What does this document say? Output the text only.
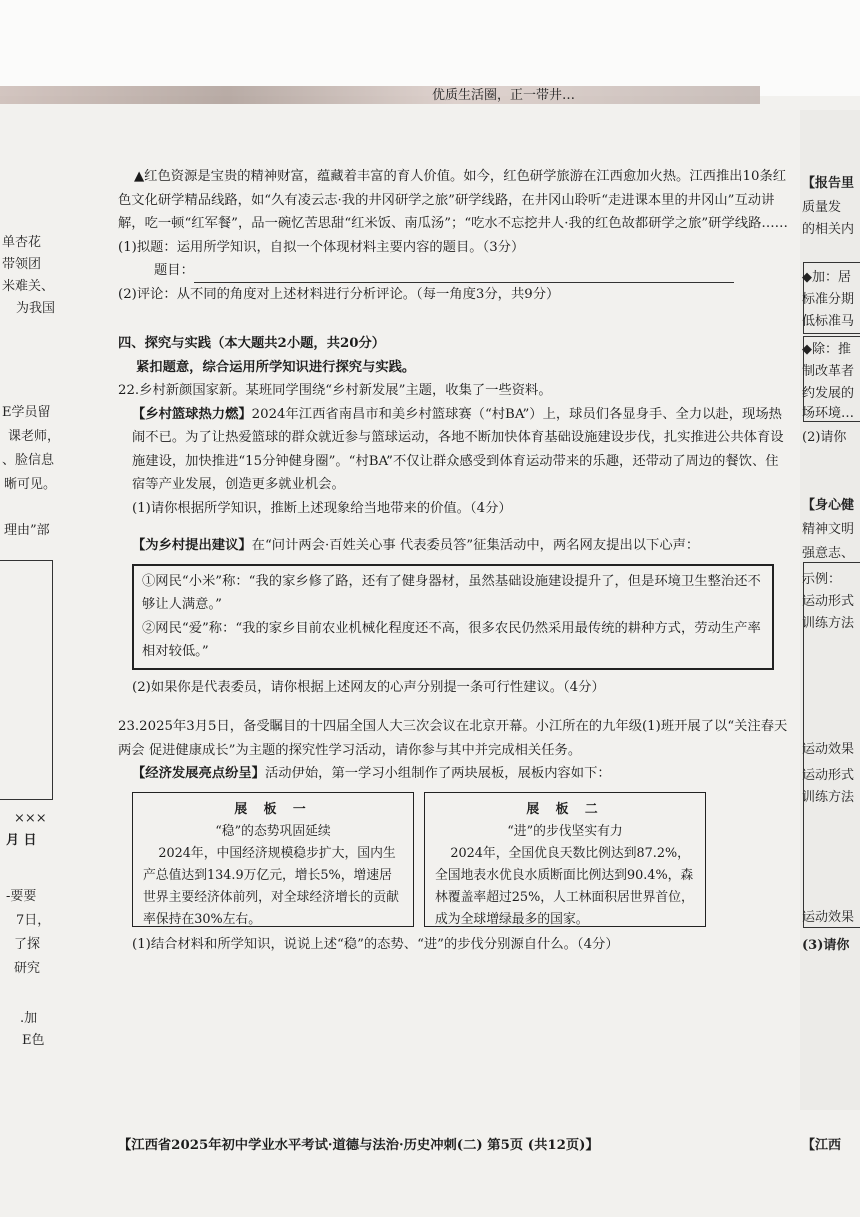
优质生活圈，正一带井…
单杏花
带领团
米难关、
为我国
E学员留
课老师，
、脸信息
晰可见。
理由”部
×××
月 日
-要要
7日，
了探
研究
.加
E色
【报告里
质量发
的相关内
◆加：居
标准分期
低标准马
◆除：推
制改革者
约发展的
场环境…
(2)请你
【身心健
精神文明
强意志、
示例：
运动形式
训练方法
运动效果
运动形式
训练方法
运动效果
(3)请你
【江西

▲红色资源是宝贵的精神财富，蕴藏着丰富的育人价值。如今，红色研学旅游在江西愈加火热。江西推出10条红色文化研学精品线路，如“久有凌云志·我的井冈研学之旅”研学线路，在井冈山聆听“走进课本里的井冈山”互动讲解，吃一顿“红军餐”，品一碗忆苦思甜“红米饭、南瓜汤”；“吃水不忘挖井人·我的红色故都研学之旅”研学线路……

(1)拟题：运用所学知识，自拟一个体现材料主要内容的题目。（3分）

题目：

(2)评论：从不同的角度对上述材料进行分析评论。（每一角度3分，共9分）

四、探究与实践（本大题共2小题，共20分）

紧扣题意，综合运用所学知识进行探究与实践。

22.乡村新颜国家新。某班同学围绕“乡村新发展”主题，收集了一些资料。

【乡村篮球热力燃】2024年江西省南昌市和美乡村篮球赛（“村BA”）上，球员们各显身手、全力以赴，现场热闹不已。为了让热爱篮球的群众就近参与篮球运动，各地不断加快体育基础设施建设步伐，扎实推进公共体育设施建设，加快推进“15分钟健身圈”。“村BA”不仅让群众感受到体育运动带来的乐趣，还带动了周边的餐饮、住宿等产业发展，创造更多就业机会。

(1)请你根据所学知识，推断上述现象给当地带来的价值。（4分）

【为乡村提出建议】在“问计两会·百姓关心事 代表委员答”征集活动中，两名网友提出以下心声：

①网民“小米”称：“我的家乡修了路，还有了健身器材，虽然基础设施建设提升了，但是环境卫生整治还不够让人满意。”

②网民“爱”称：“我的家乡目前农业机械化程度还不高，很多农民仍然采用最传统的耕种方式，劳动生产率相对较低。”

(2)如果你是代表委员，请你根据上述网友的心声分别提一条可行性建议。（4分）

23.2025年3月5日，备受瞩目的十四届全国人大三次会议在北京开幕。小江所在的九年级(1)班开展了以“关注春天两会 促进健康成长”为主题的探究性学习活动，请你参与其中并完成相关任务。

【经济发展亮点纷呈】活动伊始，第一学习小组制作了两块展板，展板内容如下：

展 板 一
“稳”的态势巩固延续
2024年，中国经济规模稳步扩大，国内生产总值达到134.9万亿元，增长5%，增速居世界主要经济体前列，对全球经济增长的贡献率保持在30%左右。
展 板 二
“进”的步伐坚实有力
2024年，全国优良天数比例达到87.2%，全国地表水优良水质断面比例达到90.4%，森林覆盖率超过25%，人工林面积居世界首位，成为全球增绿最多的国家。

(1)结合材料和所学知识，说说上述“稳”的态势、“进”的步伐分别源自什么。（4分）

【江西省2025年初中学业水平考试·道德与法治·历史冲刺(二) 第5页 (共12页)】
